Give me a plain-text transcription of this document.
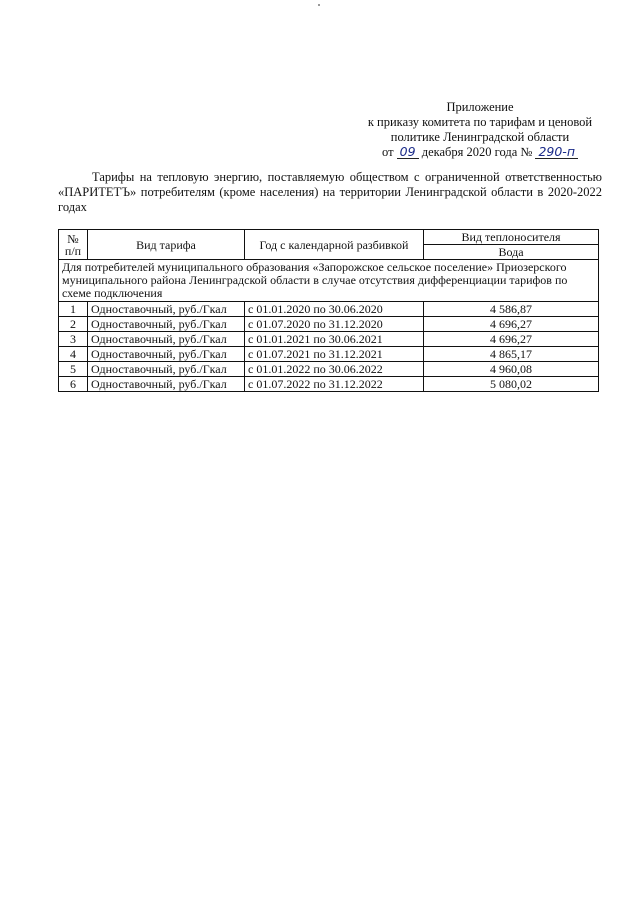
Приложение
к приказу комитета по тарифам и ценовой
политике Ленинградской области
от 09 декабря 2020 года № 290-п
Тарифы на тепловую энергию, поставляемую обществом с ограниченной ответственностью «ПАРИТЕТЪ» потребителям (кроме населения) на территории Ленинградской области в 2020-2022 годах
№ п/п	Вид тарифа	Год с календарной разбивкой	Вид теплоносителя
			Вода
Для потребителей муниципального образования «Запорожское сельское поселение» Приозерского муниципального района Ленинградской области в случае отсутствия дифференциации тарифов по схеме подключения			
1	Одноставочный, руб./Гкал	с 01.01.2020 по 30.06.2020	4 586,87
2	Одноставочный, руб./Гкал	с 01.07.2020 по 31.12.2020	4 696,27
3	Одноставочный, руб./Гкал	с 01.01.2021 по 30.06.2021	4 696,27
4	Одноставочный, руб./Гкал	с 01.07.2021 по 31.12.2021	4 865,17
5	Одноставочный, руб./Гкал	с 01.01.2022 по 30.06.2022	4 960,08
6	Одноставочный, руб./Гкал	с 01.07.2022 по 31.12.2022	5 080,02
